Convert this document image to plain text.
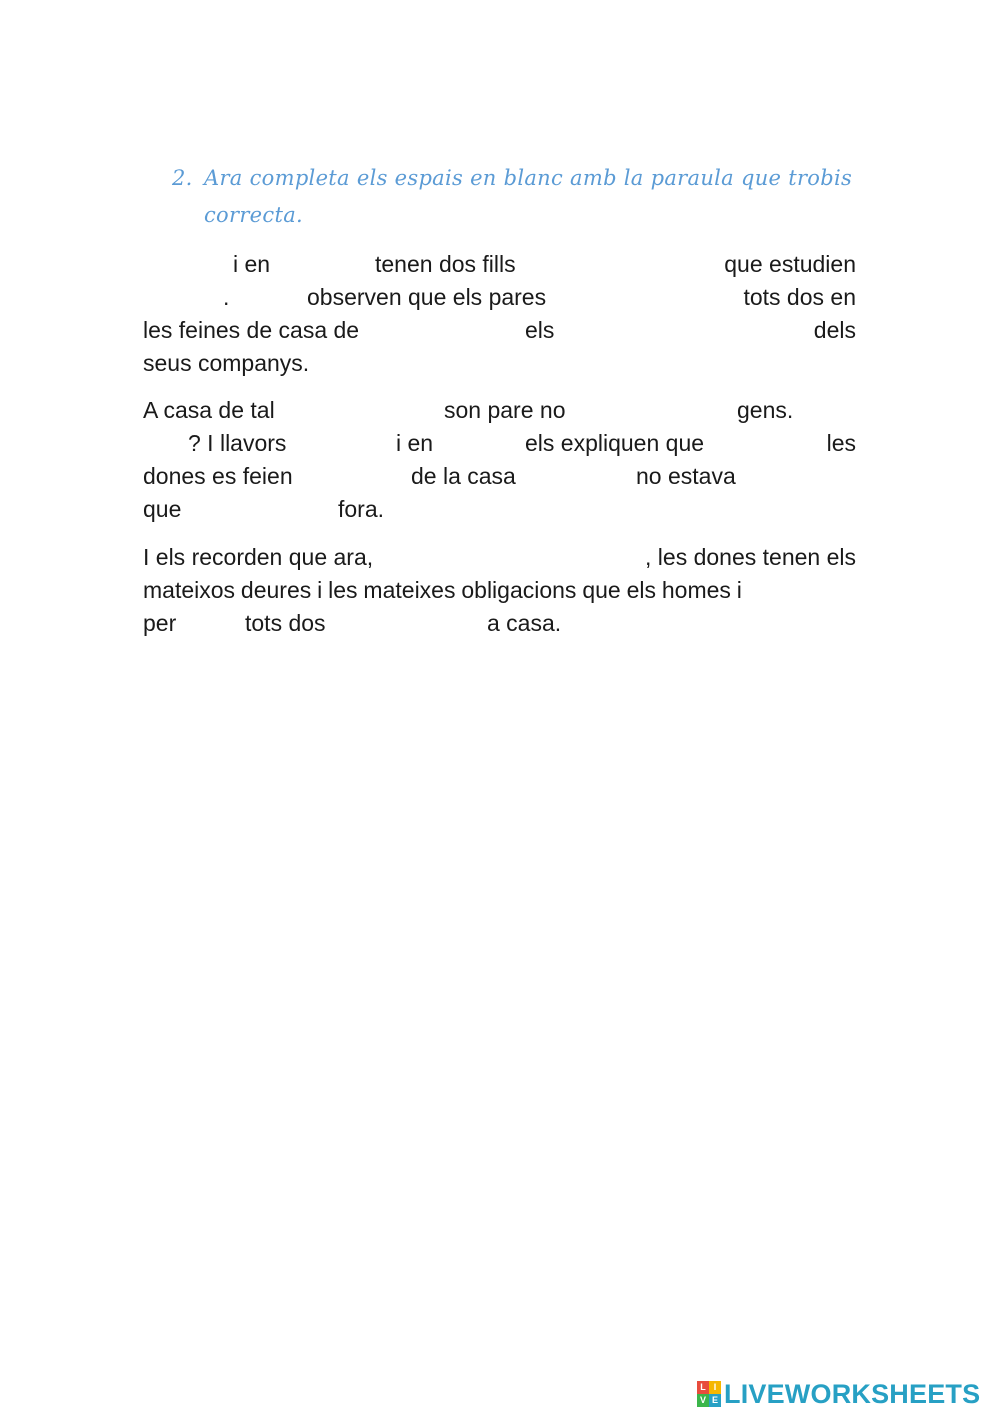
2. Ara completa els espais en blanc amb la paraula que trobis correcta.
i en	tenen dos fills	que estudien
.	observen que els pares	tots dos en
les feines de casa de	els	dels
seus companys.
A casa de tal	son pare no	gens.
? I llavors	i en	els expliquen que	les
dones es feien	de la casa	no estava
que	fora.
I els recorden que ara,	, les dones tenen els
mateixos deures i les mateixes obligacions que els homes i
per	tots dos	a casa.
L I
V E LIVEWORKSHEETS
